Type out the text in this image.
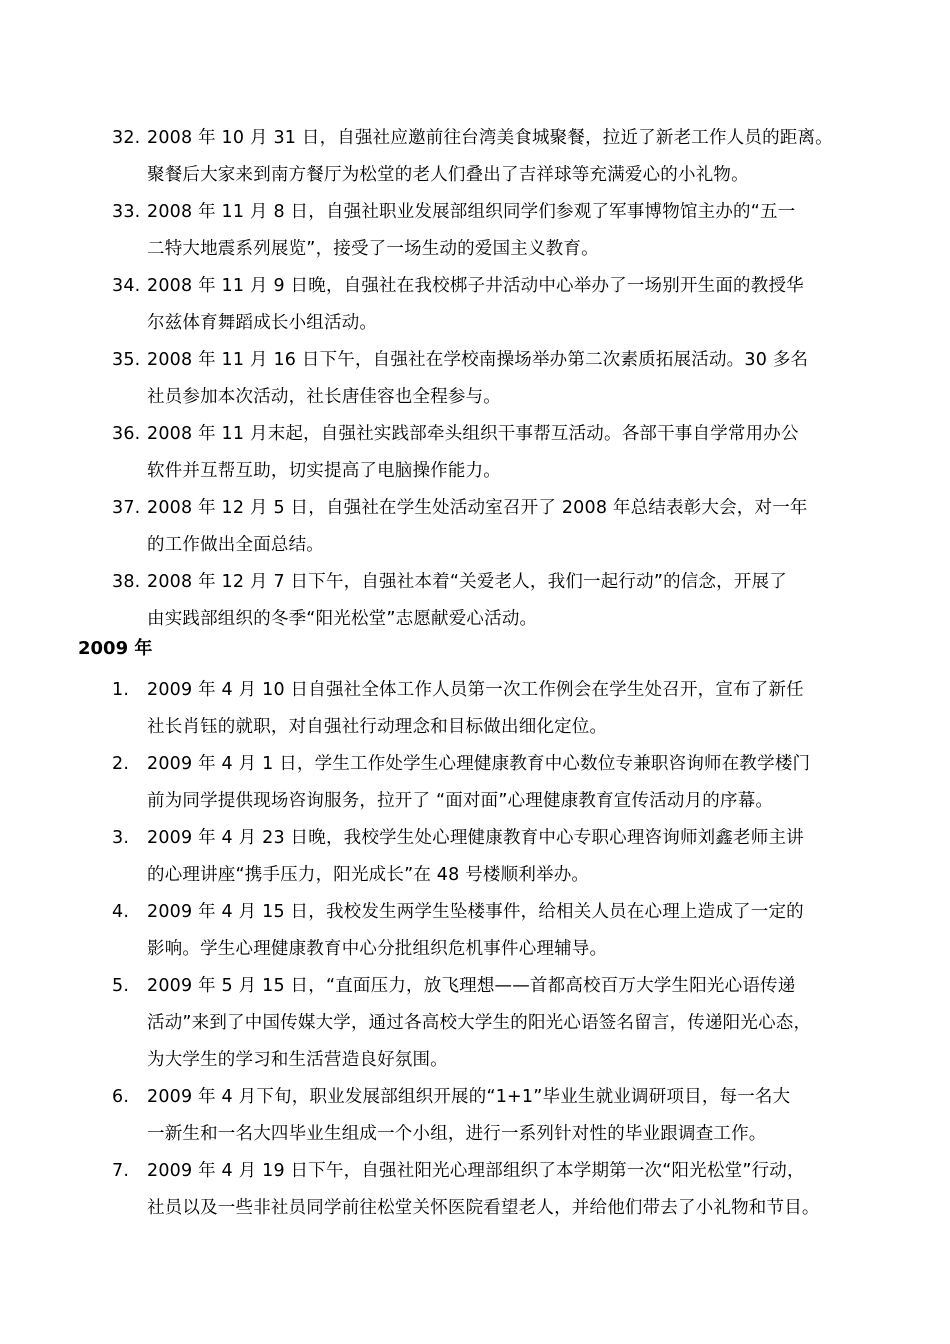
32. 2008 年 10 月 31 日，自强社应邀前往台湾美食城聚餐，拉近了新老工作人员的距离。
聚餐后大家来到南方餐厅为松堂的老人们叠出了吉祥球等充满爱心的小礼物。
33. 2008 年 11 月 8 日，自强社职业发展部组织同学们参观了军事博物馆主办的“五一
二特大地震系列展览”，接受了一场生动的爱国主义教育。
34. 2008 年 11 月 9 日晚，自强社在我校梆子井活动中心举办了一场别开生面的教授华
尔兹体育舞蹈成长小组活动。
35. 2008 年 11 月 16 日下午，自强社在学校南操场举办第二次素质拓展活动。30 多名
社员参加本次活动，社长唐佳容也全程参与。
36. 2008 年 11 月末起，自强社实践部牵头组织干事帮互活动。各部干事自学常用办公
软件并互帮互助，切实提高了电脑操作能力。
37. 2008 年 12 月 5 日，自强社在学生处活动室召开了 2008 年总结表彰大会，对一年
的工作做出全面总结。
38. 2008 年 12 月 7 日下午，自强社本着“关爱老人，我们一起行动”的信念，开展了
由实践部组织的冬季“阳光松堂”志愿献爱心活动。
2009 年
1. 2009 年 4 月 10 日自强社全体工作人员第一次工作例会在学生处召开，宣布了新任
社长肖钰的就职，对自强社行动理念和目标做出细化定位。
2. 2009 年 4 月 1 日，学生工作处学生心理健康教育中心数位专兼职咨询师在教学楼门
前为同学提供现场咨询服务，拉开了 “面对面”心理健康教育宣传活动月的序幕。
3. 2009 年 4 月 23 日晚，我校学生处心理健康教育中心专职心理咨询师刘鑫老师主讲
的心理讲座“携手压力，阳光成长”在 48 号楼顺利举办。
4. 2009 年 4 月 15 日，我校发生两学生坠楼事件，给相关人员在心理上造成了一定的
影响。学生心理健康教育中心分批组织危机事件心理辅导。
5. 2009 年 5 月 15 日，“直面压力，放飞理想——首都高校百万大学生阳光心语传递
活动”来到了中国传媒大学，通过各高校大学生的阳光心语签名留言，传递阳光心态，
为大学生的学习和生活营造良好氛围。
6. 2009 年 4 月下旬，职业发展部组织开展的“1+1”毕业生就业调研项目，每一名大
一新生和一名大四毕业生组成一个小组，进行一系列针对性的毕业跟调查工作。
7. 2009 年 4 月 19 日下午，自强社阳光心理部组织了本学期第一次“阳光松堂”行动，
社员以及一些非社员同学前往松堂关怀医院看望老人，并给他们带去了小礼物和节目。
